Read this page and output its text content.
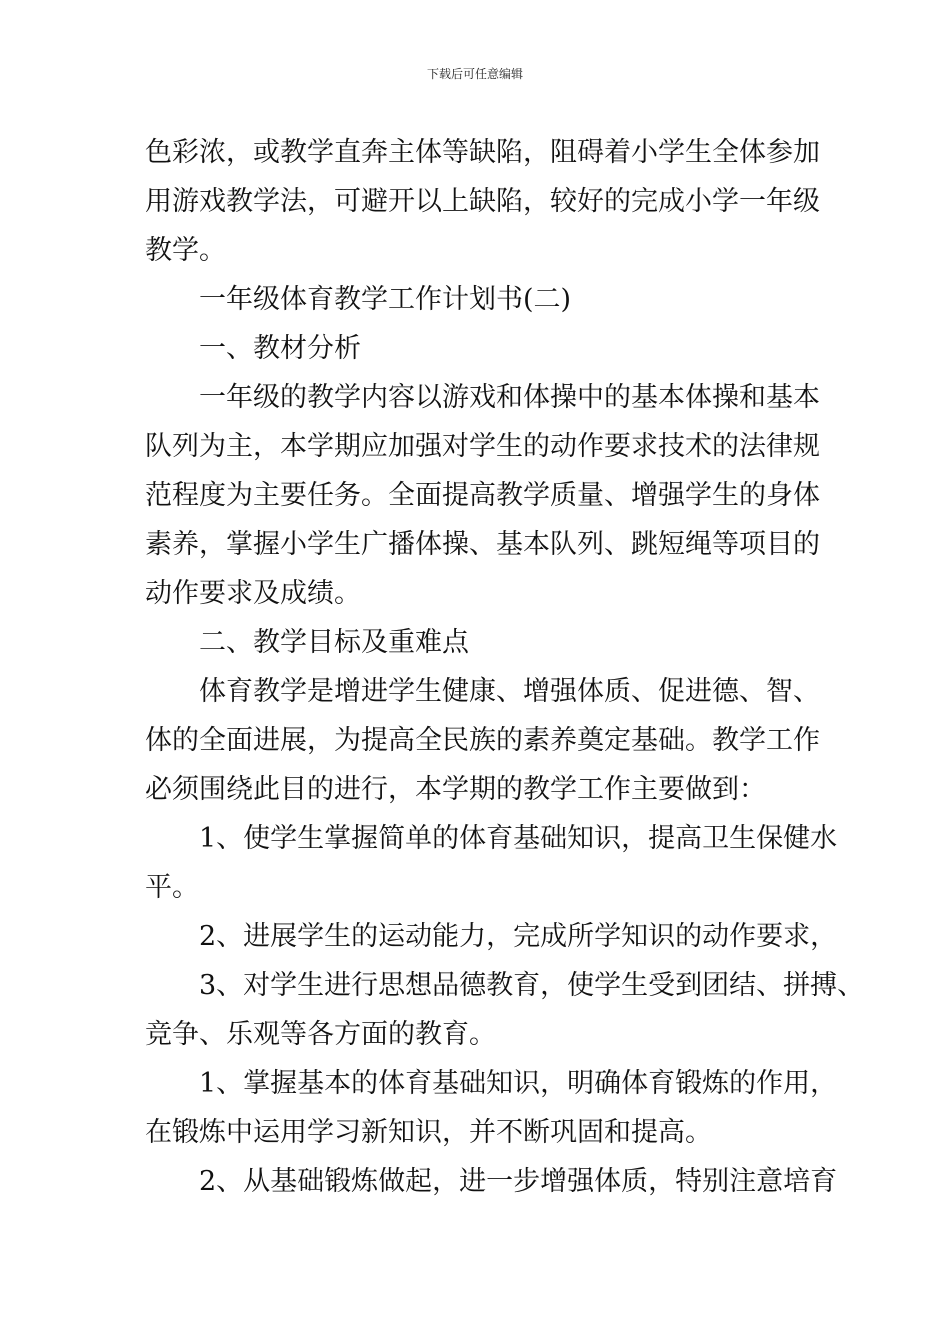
下载后可任意编辑
色彩浓，或教学直奔主体等缺陷，阻碍着小学生全体参加
用游戏教学法，可避开以上缺陷，较好的完成小学一年级
教学。
一年级体育教学工作计划书(二)
一、教材分析
一年级的教学内容以游戏和体操中的基本体操和基本
队列为主，本学期应加强对学生的动作要求技术的法律规
范程度为主要任务。全面提高教学质量、增强学生的身体
素养，掌握小学生广播体操、基本队列、跳短绳等项目的
动作要求及成绩。
二、教学目标及重难点
体育教学是增进学生健康、增强体质、促进德、智、
体的全面进展，为提高全民族的素养奠定基础。教学工作
必须围绕此目的进行，本学期的教学工作主要做到：
1、使学生掌握简单的体育基础知识，提高卫生保健水
平。
2、进展学生的运动能力，完成所学知识的动作要求，
3、对学生进行思想品德教育，使学生受到团结、拼搏、
竞争、乐观等各方面的教育。
1、掌握基本的体育基础知识，明确体育锻炼的作用，
在锻炼中运用学习新知识，并不断巩固和提高。
2、从基础锻炼做起，进一步增强体质，特别注意培育
